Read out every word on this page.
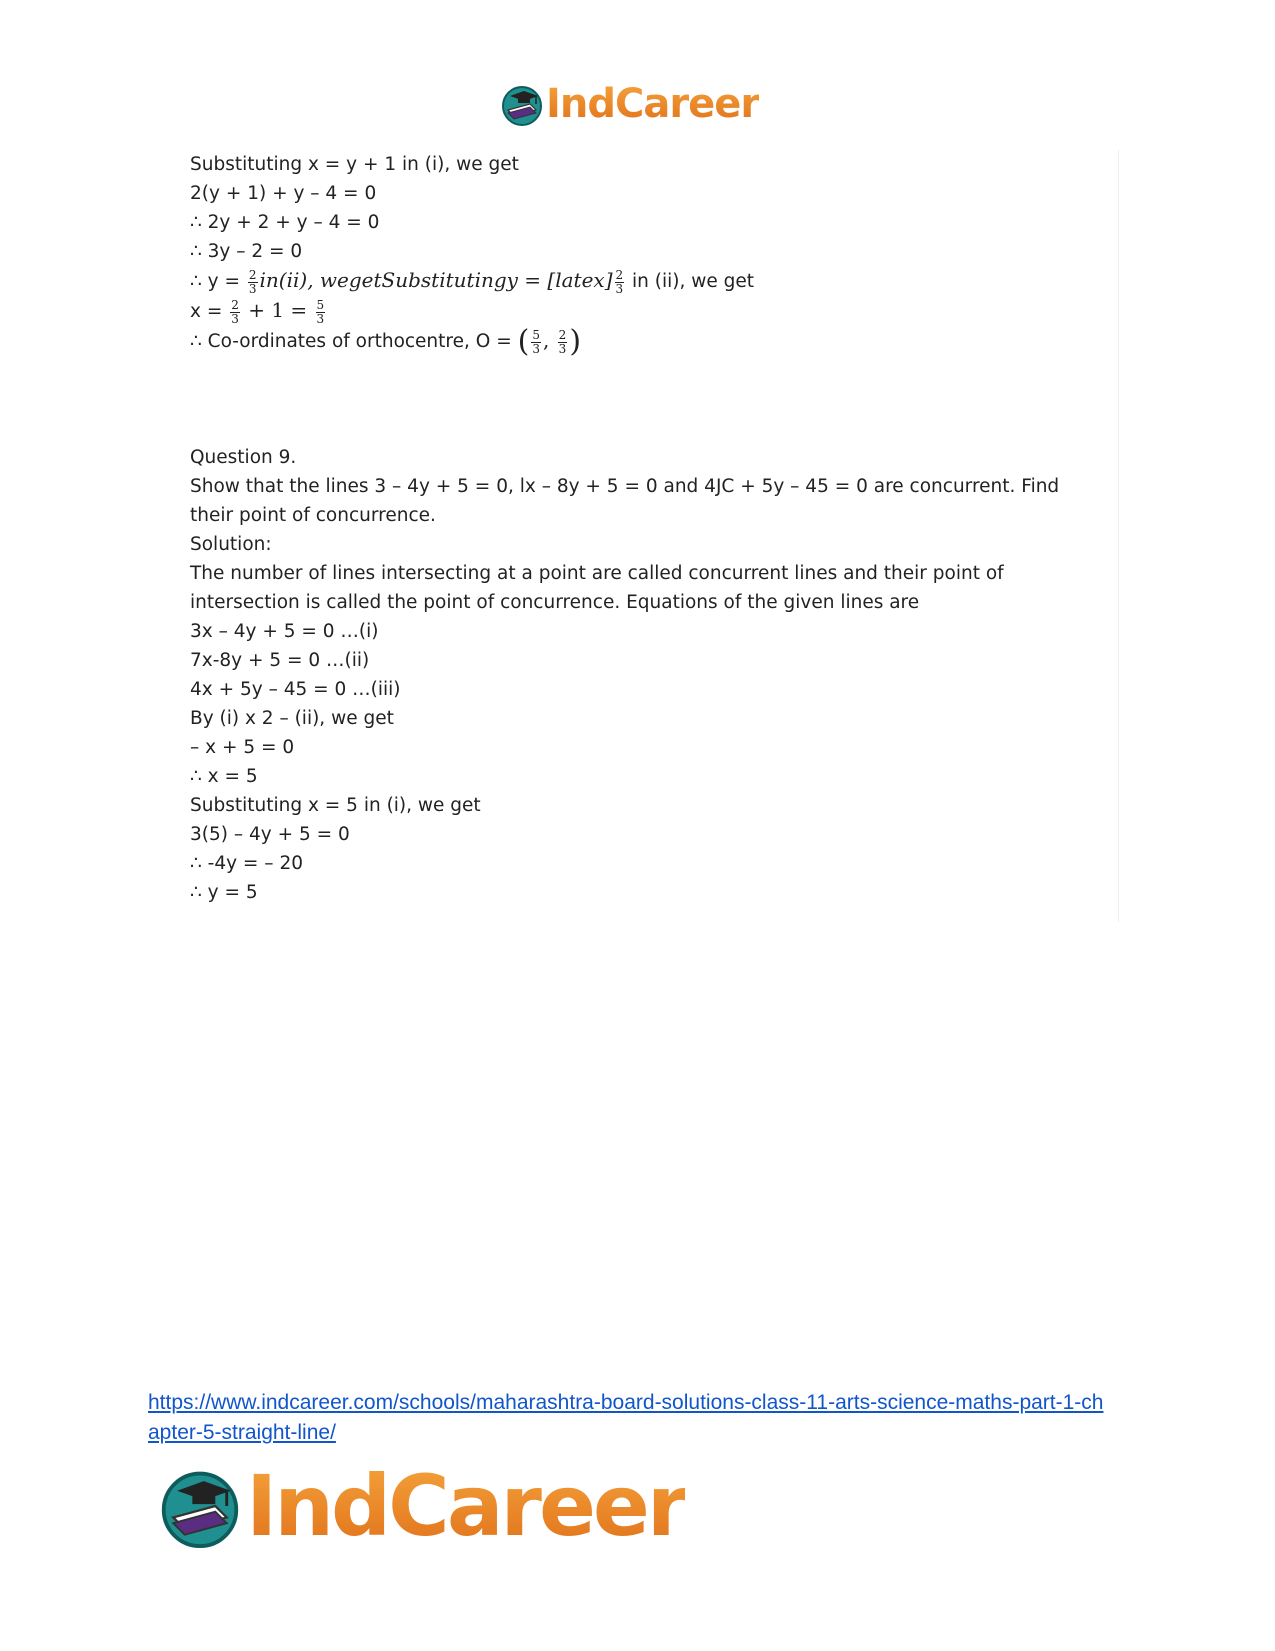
IndCareer
Substituting x = y + 1 in (i), we get
2(y + 1) + y – 4 = 0
∴ 2y + 2 + y – 4 = 0
∴ 3y – 2 = 0
∴ $y = \frac{2}{3} in(ii)$, wegetSubstitutingy = [latex] $\frac{2}{3}$ in (ii), we get
$x = \frac{2}{3} + 1 = \frac{5}{3}$
∴ Co-ordinates of orthocentre, O = ( $\frac{5}{3}$ , $\frac{2}{3}$ )
Question 9.
Show that the lines 3 – 4y + 5 = 0, lx – 8y + 5 = 0 and 4JC + 5y – 45 = 0 are concurrent. Find their point of concurrence.
Solution:
The number of lines intersecting at a point are called concurrent lines and their point of intersection is called the point of concurrence. Equations of the given lines are
3x – 4y + 5 = 0 …(i)
7x-8y + 5 = 0 …(ii)
4x + 5y – 45 = 0 …(iii)
By (i) x 2 – (ii), we get
– x + 5 = 0
∴ x = 5
Substituting x = 5 in (i), we get
3(5) – 4y + 5 = 0
∴ -4y = – 20
∴ y = 5
https://www.indcareer.com/schools/maharashtra-board-solutions-class-11-arts-science-maths-part-1-chapter-5-straight-line/
IndCareer
